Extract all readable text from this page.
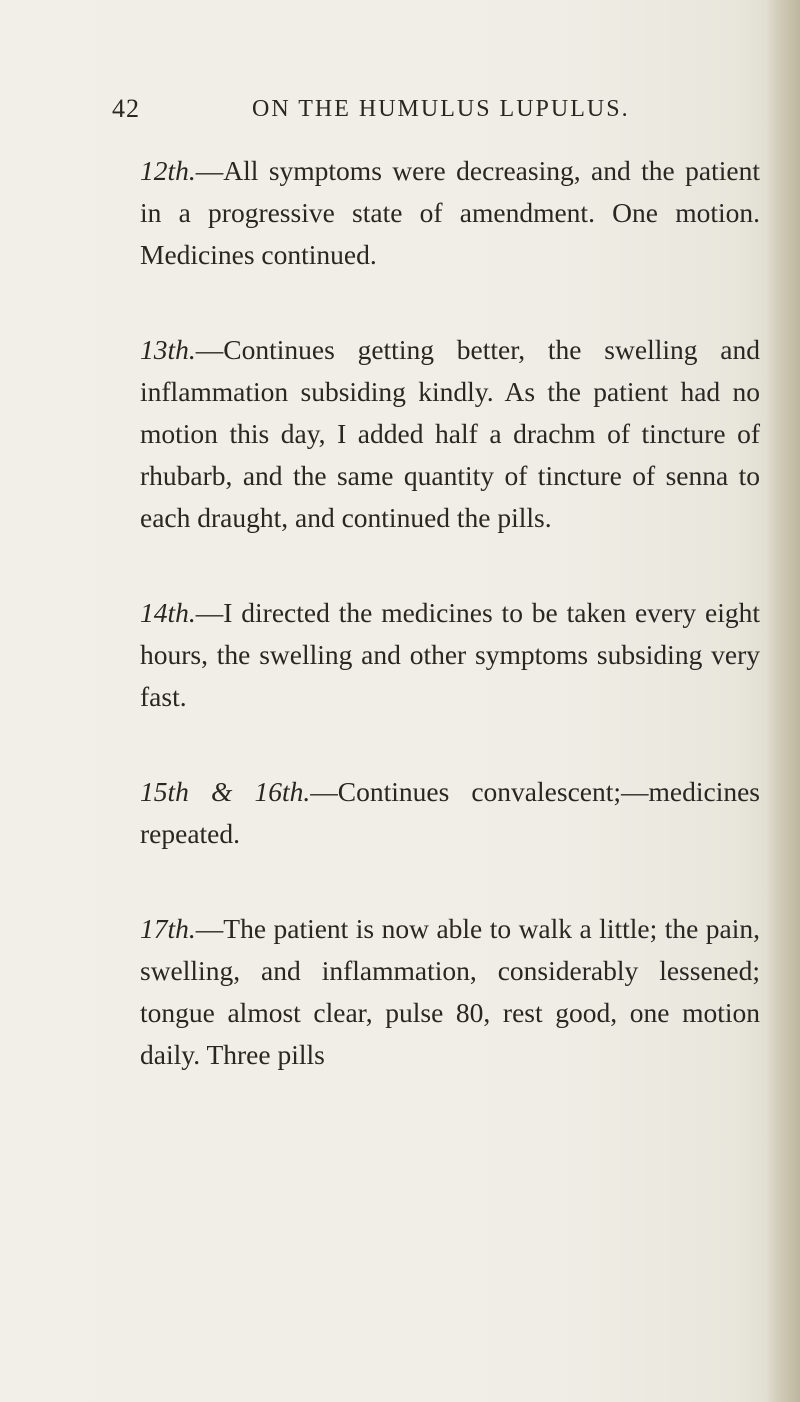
42	ON THE HUMULUS LUPULUS.

12th.—All symptoms were decreasing, and the patient in a progressive state of amendment. One motion. Medicines continued.

13th.—Continues getting better, the swelling and inflammation subsiding kindly. As the patient had no motion this day, I added half a drachm of tincture of rhubarb, and the same quantity of tincture of senna to each draught, and continued the pills.

14th.—I directed the medicines to be taken every eight hours, the swelling and other symptoms subsiding very fast.

15th & 16th.—Continues convalescent;—medicines repeated.

17th.—The patient is now able to walk a little; the pain, swelling, and inflammation, considerably lessened; tongue almost clear, pulse 80, rest good, one motion daily. Three pills
